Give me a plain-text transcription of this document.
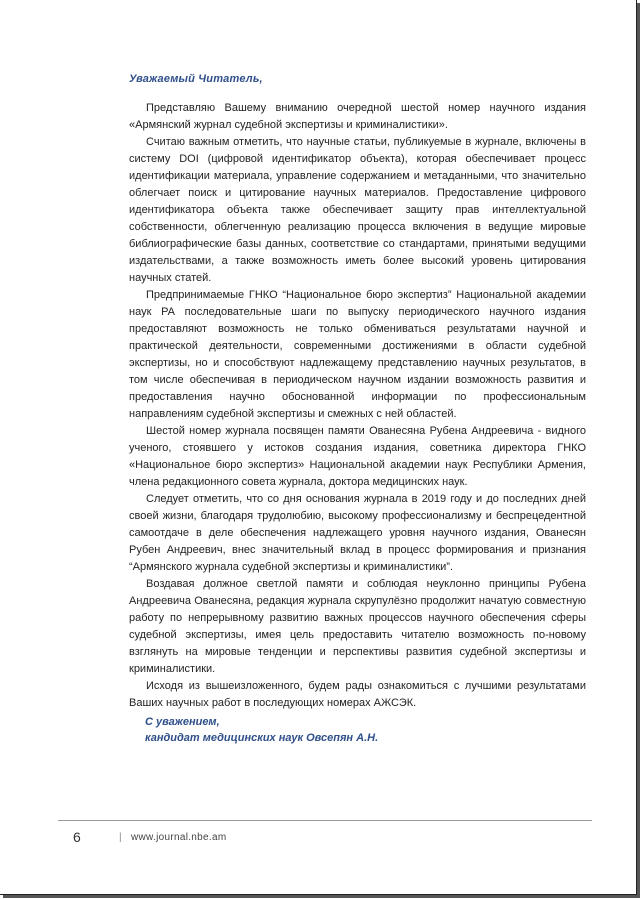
Уважаемый Читатель,

Представляю Вашему вниманию очередной шестой номер научного издания «Армянский журнал судебной экспертизы и криминалистики».

Считаю важным отметить, что научные статьи, публикуемые в журнале, включены в систему DOI (цифровой идентификатор объекта), которая обеспечивает процесс идентификации материала, управление содержанием и метаданными, что значительно облегчает поиск и цитирование научных материалов. Предоставление цифрового идентификатора объекта также обеспечивает защиту прав интеллектуальной собственности, облегченную реализацию процесса включения в ведущие мировые библиографические базы данных, соответствие со стандартами, принятыми ведущими издательствами, а также возможность иметь более высокий уровень цитирования научных статей.

Предпринимаемые ГНКО “Национальное бюро экспертиз” Национальной академии наук РА последовательные шаги по выпуску периодического научного издания предоставляют возможность не только обмениваться результатами научной и практической деятельности, современными достижениями в области судебной экспертизы, но и способствуют надлежащему представлению научных результатов, в том числе обеспечивая в периодическом научном издании возможность развития и предоставления научно обоснованной информации по профессиональным направлениям судебной экспертизы и смежных с ней областей.

Шестой номер журнала посвящен памяти Ованесяна Рубена Андреевича - видного ученого, стоявшего у истоков создания издания, советника директора ГНКО «Национальное бюро экспертиз» Национальной академии наук Республики Армения, члена редакционного совета журнала, доктора медицинских наук.

Следует отметить, что со дня основания журнала в 2019 году и до последних дней своей жизни, благодаря трудолюбию, высокому профессионализму и беспрецедентной самоотдаче в деле обеспечения надлежащего уровня научного издания, Ованесян Рубен Андреевич, внес значительный вклад в процесс формирования и признания “Армянского журнала судебной экспертизы и криминалистики”.

Воздавая должное светлой памяти и соблюдая неуклонно принципы Рубена Андреевича Ованесяна, редакция журнала скрупулёзно продолжит начатую совместную работу по непрерывному развитию важных процессов научного обеспечения сферы судебной экспертизы, имея цель предоставить читателю возможность по-новому взглянуть на мировые тенденции и перспективы развития судебной экспертизы и криминалистики.

Исходя из вышеизложенного, будем рады ознакомиться с лучшими результатами Ваших научных работ в последующих номерах АЖСЭК.

С уважением,
кандидат медицинских наук Овсепян А.Н.
6	| www.journal.nbe.am
